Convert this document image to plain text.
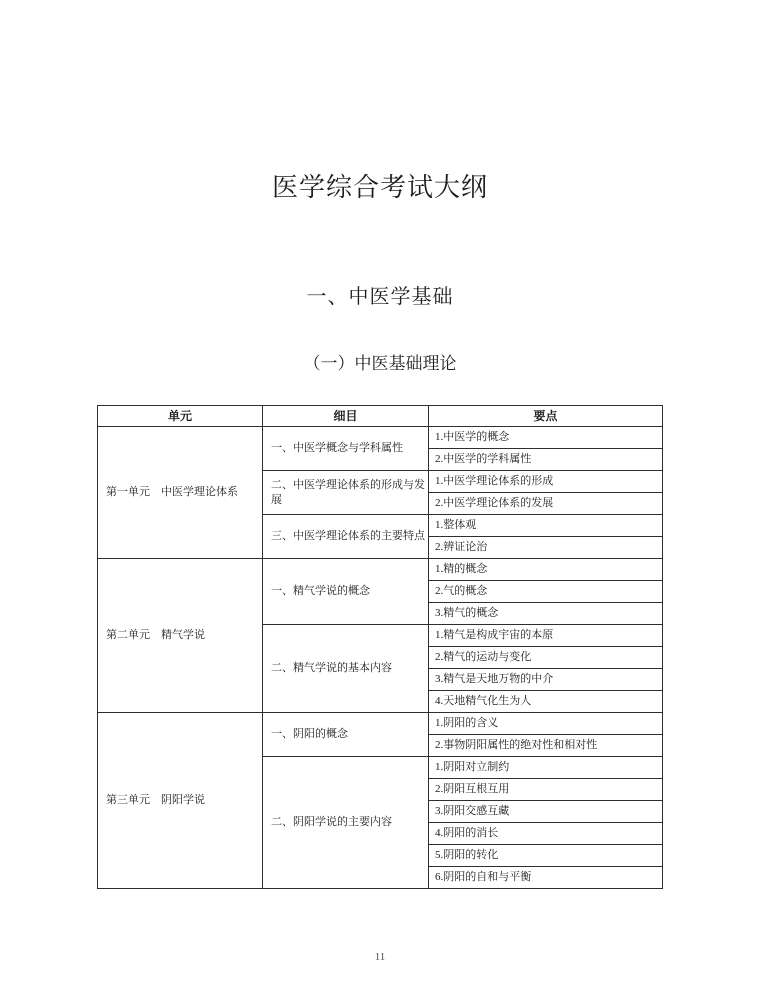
医学综合考试大纲
一、中医学基础
（一）中医基础理论
单元	细目	要点
第一单元　中医学理论体系	一、中医学概念与学科属性	1.中医学的概念
		2.中医学的学科属性
	二、中医学理论体系的形成与发展	1.中医学理论体系的形成
		2.中医学理论体系的发展
	三、中医学理论体系的主要特点	1.整体观
		2.辨证论治
第二单元　精气学说	一、精气学说的概念	1.精的概念
		2.气的概念
		3.精气的概念
	二、精气学说的基本内容	1.精气是构成宇宙的本原
		2.精气的运动与变化
		3.精气是天地万物的中介
		4.天地精气化生为人
第三单元　阴阳学说	一、阴阳的概念	1.阴阳的含义
		2.事物阴阳属性的绝对性和相对性
	二、阴阳学说的主要内容	1.阴阳对立制约
		2.阴阳互根互用
		3.阴阳交感互藏
		4.阴阳的消长
		5.阴阳的转化
		6.阴阳的自和与平衡
11
